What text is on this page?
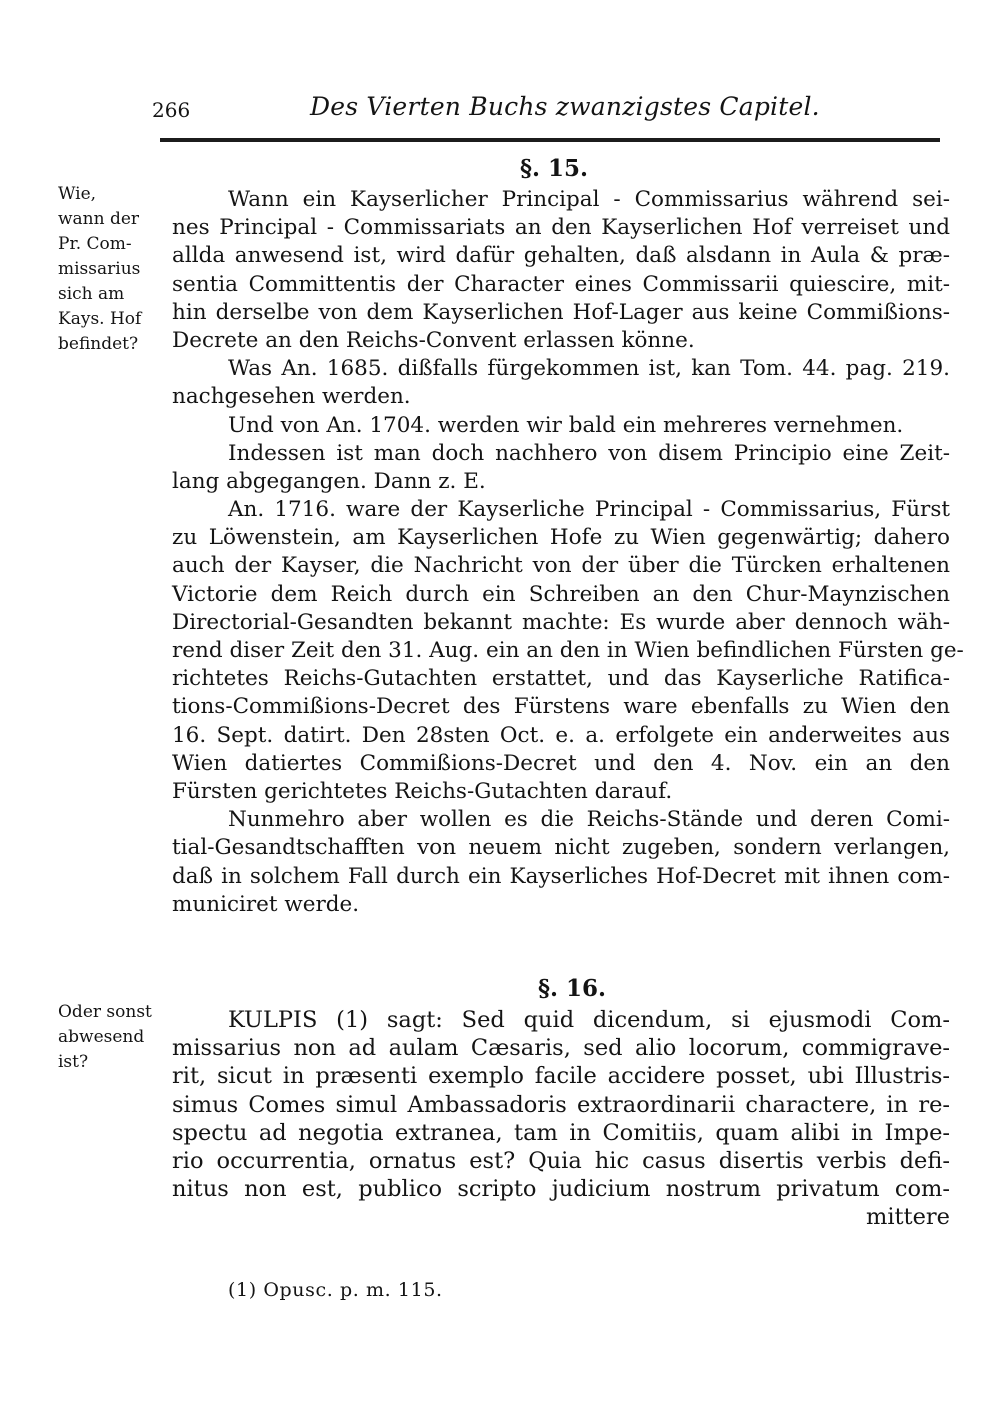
266	Des Vierten Buchs zwanzigstes Capitel.
§. 15.
Wie,
wann der
Pr. Com-
missarius
sich am
Kays. Hof
befindet?
Wann ein Kayserlicher Principal - Commissarius während sei-
nes Principal - Commissariats an den Kayserlichen Hof verreiset und
allda anwesend ist, wird dafür gehalten, daß alsdann in Aula & præ-
sentia Committentis der Character eines Commissarii quiescire, mit-
hin derselbe von dem Kayserlichen Hof-Lager aus keine Commißions-
Decrete an den Reichs-Convent erlassen könne.
Was An. 1685. dißfalls fürgekommen ist, kan Tom. 44. pag. 219.
nachgesehen werden.
Und von An. 1704. werden wir bald ein mehreres vernehmen.
Indessen ist man doch nachhero von disem Principio eine Zeit-
lang abgegangen. Dann z. E.
An. 1716. ware der Kayserliche Principal - Commissarius, Fürst
zu Löwenstein, am Kayserlichen Hofe zu Wien gegenwärtig; dahero
auch der Kayser, die Nachricht von der über die Türcken erhaltenen
Victorie dem Reich durch ein Schreiben an den Chur-Maynzischen
Directorial-Gesandten bekannt machte: Es wurde aber dennoch wäh-
rend diser Zeit den 31. Aug. ein an den in Wien befindlichen Fürsten ge-
richtetes Reichs-Gutachten erstattet, und das Kayserliche Ratifica-
tions-Commißions-Decret des Fürstens ware ebenfalls zu Wien den
16. Sept. datirt. Den 28sten Oct. e. a. erfolgete ein anderweites aus
Wien datiertes Commißions-Decret und den 4. Nov. ein an den
Fürsten gerichtetes Reichs-Gutachten darauf.
Nunmehro aber wollen es die Reichs-Stände und deren Comi-
tial-Gesandtschafften von neuem nicht zugeben, sondern verlangen,
daß in solchem Fall durch ein Kayserliches Hof-Decret mit ihnen com-
municiret werde.
§. 16.
Oder sonst
abwesend
ist?
KULPIS (1) sagt: Sed quid dicendum, si ejusmodi Com-
missarius non ad aulam Cæsaris, sed alio locorum, commigrave-
rit, sicut in præsenti exemplo facile accidere posset, ubi Illustris-
simus Comes simul Ambassadoris extraordinarii charactere, in re-
spectu ad negotia extranea, tam in Comitiis, quam alibi in Impe-
rio occurrentia, ornatus est? Quia hic casus disertis verbis defi-
nitus non est, publico scripto judicium nostrum privatum com-
mittere
(1) Opusc. p. m. 115.
